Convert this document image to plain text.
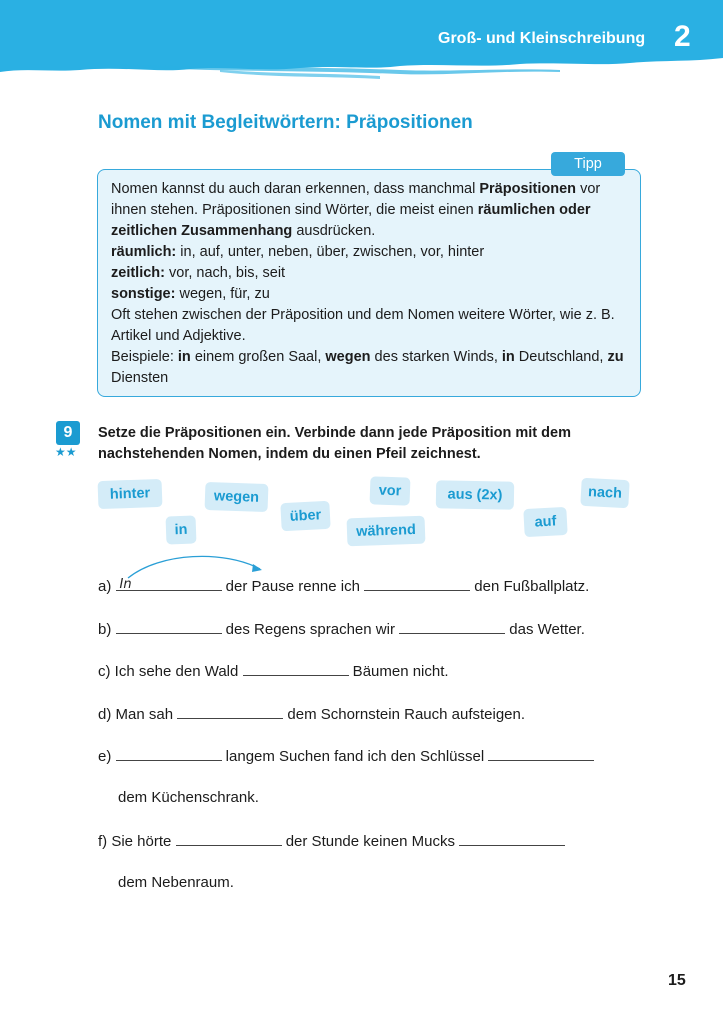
Groß- und Kleinschreibung 2
Nomen mit Begleitwörtern: Präpositionen

Nomen kannst du auch daran erkennen, dass manchmal Präpositionen vor ihnen stehen. Präpositionen sind Wörter, die meist einen räumlichen oder zeitlichen Zusammenhang ausdrücken.

räumlich: in, auf, unter, neben, über, zwischen, vor, hinter

zeitlich: vor, nach, bis, seit

sonstige: wegen, für, zu

Oft stehen zwischen der Präposition und dem Nomen weitere Wörter, wie z. B. Artikel und Adjektive.

Beispiele: in einem großen Saal, wegen des starken Winds, in Deutschland, zu Diensten

Tipp
9
★★
Setze die Präpositionen ein. Verbinde dann jede Präposition mit dem nachstehenden Nomen, indem du einen Pfeil zeichnest.
hinter	wegen
über
vor	aus (2x)	nach
in	während	auf
a) In	der Pause renne ich	den Fußballplatz.
b)	des Regens sprachen wir	das Wetter.
c) Ich sehe den Wald	Bäumen nicht.
d) Man sah	dem Schornstein Rauch aufsteigen.
e)	langem Suchen fand ich den Schlüssel
dem Küchenschrank.
f) Sie hörte	der Stunde keinen Mucks
dem Nebenraum.
15
